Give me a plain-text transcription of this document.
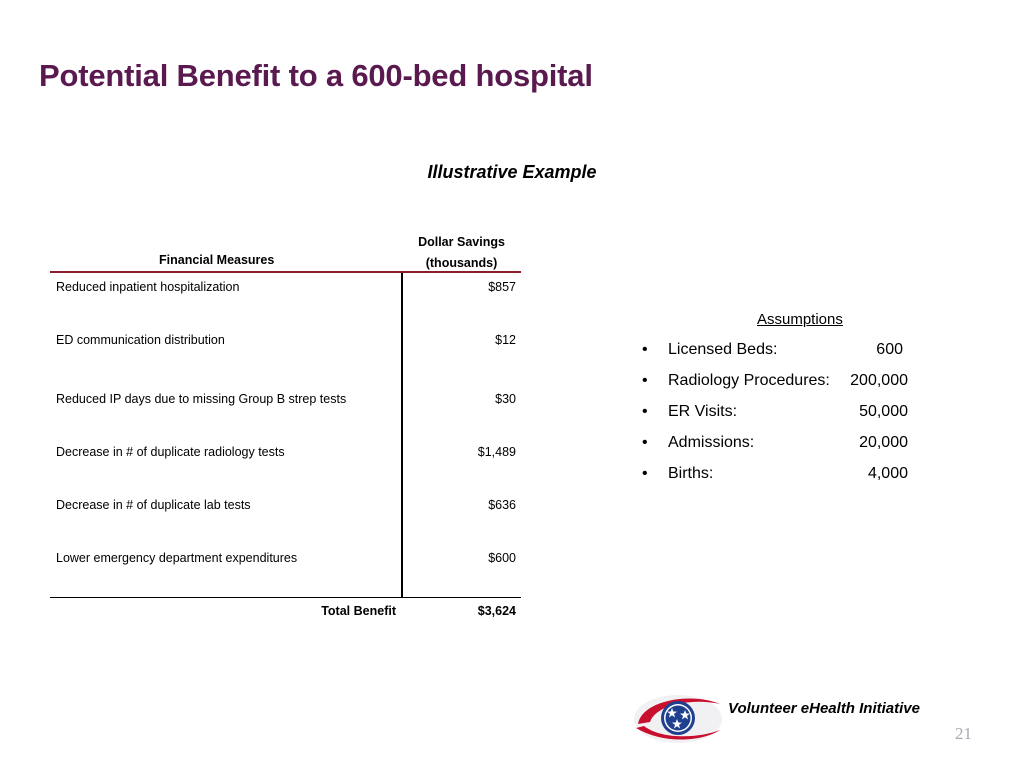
Potential Benefit to a 600-bed hospital
Illustrative Example
Financial Measures
Dollar Savings
(thousands)
Reduced inpatient hospitalization	$857
ED communication distribution	$12
Reduced IP days due to missing Group B strep tests	$30
Decrease in # of duplicate radiology tests	$1,489
Decrease in # of duplicate lab tests	$636
Lower emergency department expenditures	$600
Total Benefit	$3,624
Assumptions
• Licensed Beds:	600
• Radiology Procedures:	200,000
• ER Visits:	50,000
• Admissions:	20,000
• Births:	4,000
Volunteer eHealth Initiative
21
